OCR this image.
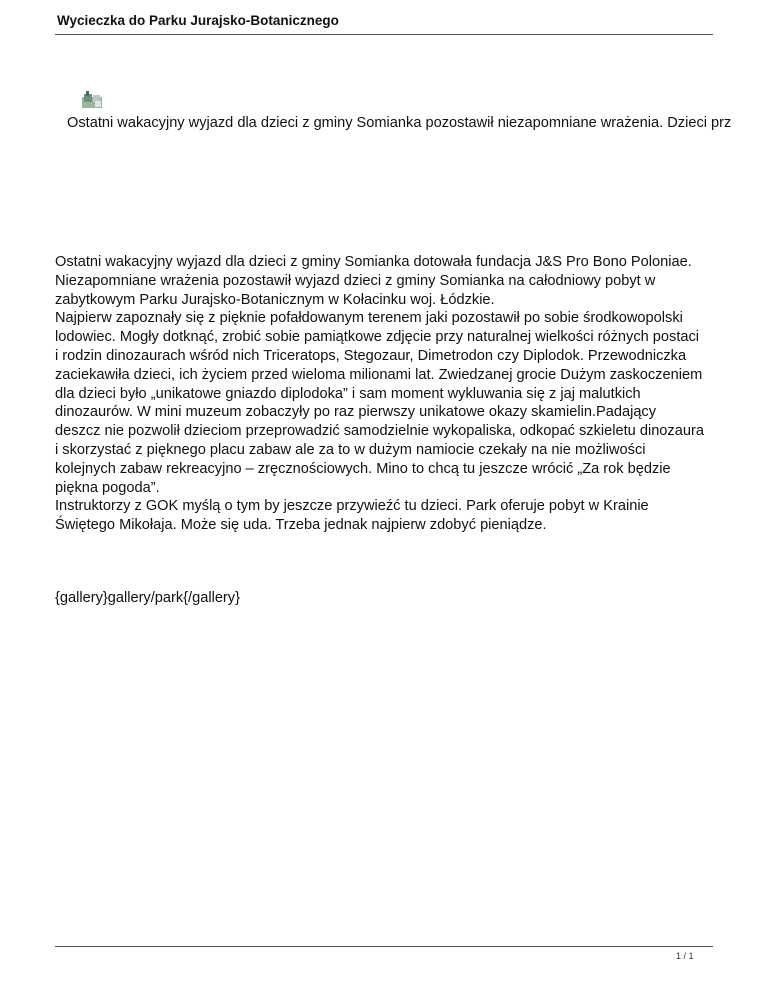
Wycieczka do Parku Jurajsko-Botanicznego
Ostatni wakacyjny wyjazd dla dzieci z gminy Somianka pozostawił niezapomniane wrażenia. Dzieci prz

Ostatni wakacyjny wyjazd dla dzieci z gminy Somianka dotowała fundacja J&S Pro Bono Poloniae.

Niezapomniane wrażenia pozostawił wyjazd dzieci z gminy Somianka na całodniowy pobyt w zabytkowym Parku Jurajsko-Botanicznym w Kołacinku woj. Łódzkie.

Najpierw zapoznały się z pięknie pofałdowanym terenem jaki pozostawił po sobie środkowopolski lodowiec. Mogły dotknąć, zrobić sobie pamiątkowe zdjęcie przy naturalnej wielkości różnych postaci i rodzin dinozaurach wśród nich Triceratops, Stegozaur, Dimetrodon czy Diplodok. Przewodniczka zaciekawiła dzieci, ich życiem przed wieloma milionami lat. Zwiedzanej grocie Dużym zaskoczeniem dla dzieci było „unikatowe gniazdo diplodoka” i sam moment wykluwania się z jaj malutkich dinozaurów. W mini muzeum zobaczyły po raz pierwszy unikatowe okazy skamielin.Padający deszcz nie pozwolił dzieciom przeprowadzić samodzielnie wykopaliska, odkopać szkieletu dinozaura i skorzystać z pięknego placu zabaw ale za to w dużym namiocie czekały na nie możliwości kolejnych zabaw rekreacyjno – zręcznościowych. Mino to chcą tu jeszcze wrócić „Za rok będzie piękna pogoda”.

Instruktorzy z GOK myślą o tym by jeszcze przywieźć tu dzieci. Park oferuje pobyt w Krainie Świętego Mikołaja. Może się uda. Trzeba jednak najpierw zdobyć pieniądze.

{gallery}gallery/park{/gallery}
1 / 1
